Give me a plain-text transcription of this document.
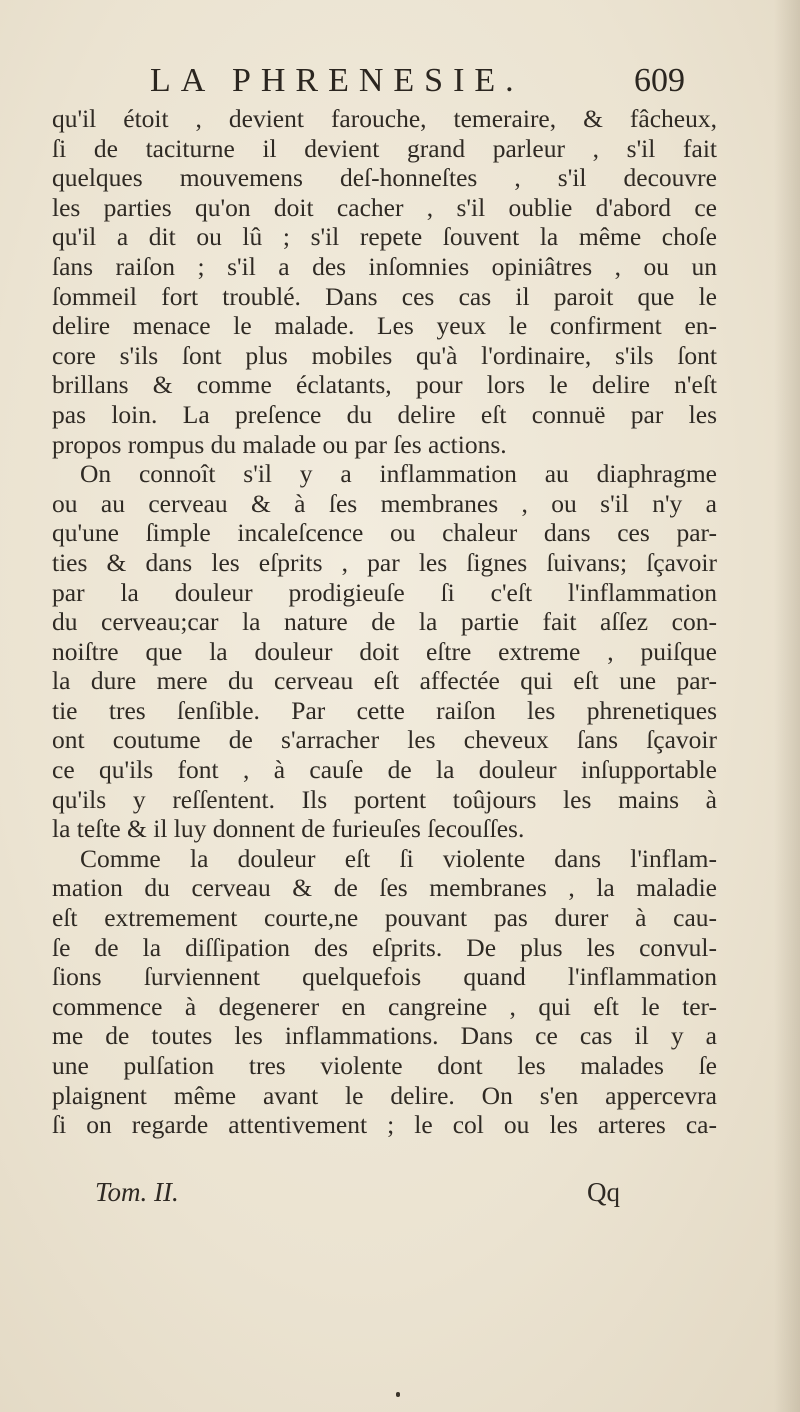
LA PHRENESIE.	609
qu'il étoit , devient farouche, temeraire, & fâcheux,
ſi de taciturne il devient grand parleur , s'il fait
quelques mouvemens deſ-honneſtes , s'il decouvre
les parties qu'on doit cacher , s'il oublie d'abord ce
qu'il a dit ou lû ; s'il repete ſouvent la même choſe
ſans raiſon ; s'il a des inſomnies opiniâtres , ou un
ſommeil fort troublé. Dans ces cas il paroit que le
delire menace le malade. Les yeux le confirment en-
core s'ils ſont plus mobiles qu'à l'ordinaire, s'ils ſont
brillans & comme éclatants, pour lors le delire n'eſt
pas loin. La preſence du delire eſt connuë par les
propos rompus du malade ou par ſes actions.
On connoît s'il y a inflammation au diaphragme
ou au cerveau & à ſes membranes , ou s'il n'y a
qu'une ſimple incaleſcence ou chaleur dans ces par-
ties & dans les eſprits , par les ſignes ſuivans; ſçavoir
par la douleur prodigieuſe ſi c'eſt l'inflammation
du cerveau;car la nature de la partie fait aſſez con-
noiſtre que la douleur doit eſtre extreme , puiſque
la dure mere du cerveau eſt affectée qui eſt une par-
tie tres ſenſible. Par cette raiſon les phrenetiques
ont coutume de s'arracher les cheveux ſans ſçavoir
ce qu'ils font , à cauſe de la douleur inſupportable
qu'ils y reſſentent. Ils portent toûjours les mains à
la teſte & il luy donnent de furieuſes ſecouſſes.
Comme la douleur eſt ſi violente dans l'inflam-
mation du cerveau & de ſes membranes , la maladie
eſt extremement courte,ne pouvant pas durer à cau-
ſe de la diſſipation des eſprits. De plus les convul-
ſions ſurviennent quelquefois quand l'inflammation
commence à degenerer en cangreine , qui eſt le ter-
me de toutes les inflammations. Dans ce cas il y a
une pulſation tres violente dont les malades ſe
plaignent même avant le delire. On s'en appercevra
ſi on regarde attentivement ; le col ou les arteres ca-
Tom. II.	Qq
